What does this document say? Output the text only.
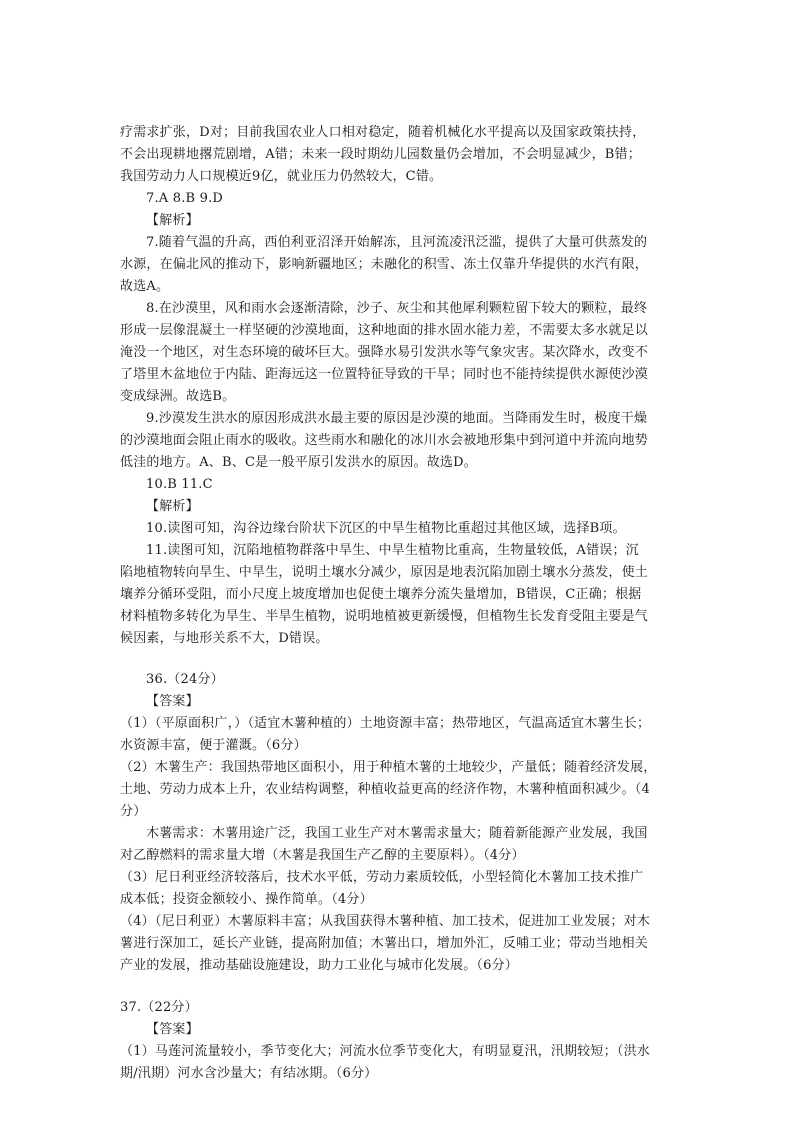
疗需求扩张，D对；目前我国农业人口相对稳定，随着机械化水平提高以及国家政策扶持，
不会出现耕地撂荒剧增，A错；未来一段时期幼儿园数量仍会增加，不会明显减少，B错；
我国劳动力人口规模近9亿，就业压力仍然较大，C错。
7.A 8.B 9.D
【解析】
7.随着气温的升高，西伯利亚沼泽开始解冻，且河流凌汛泛滥，提供了大量可供蒸发的
水源，在偏北风的推动下，影响新疆地区；未融化的积雪、冻土仅靠升华提供的水汽有限，
故选A。
8.在沙漠里，风和雨水会逐渐清除，沙子、灰尘和其他犀利颗粒留下较大的颗粒，最终
形成一层像混凝土一样坚硬的沙漠地面，这种地面的排水固水能力差，不需要太多水就足以
淹没一个地区，对生态环境的破坏巨大。强降水易引发洪水等气象灾害。某次降水，改变不
了塔里木盆地位于内陆、距海远这一位置特征导致的干旱；同时也不能持续提供水源使沙漠
变成绿洲。故选B。
9.沙漠发生洪水的原因形成洪水最主要的原因是沙漠的地面。当降雨发生时，极度干燥
的沙漠地面会阻止雨水的吸收。这些雨水和融化的冰川水会被地形集中到河道中并流向地势
低洼的地方。A、B、C是一般平原引发洪水的原因。故选D。
10.B 11.C
【解析】
10.读图可知，沟谷边缘台阶状下沉区的中旱生植物比重超过其他区域，选择B项。
11.读图可知，沉陷地植物群落中旱生、中旱生植物比重高，生物量较低，A错误；沉
陷地植物转向旱生、中旱生，说明土壤水分减少，原因是地表沉陷加剧土壤水分蒸发，使土
壤养分循环受阻，而小尺度上坡度增加也促使土壤养分流失量增加，B错误，C正确；根据
材料植物多转化为旱生、半旱生植物，说明地植被更新缓慢，但植物生长发育受阻主要是气
候因素，与地形关系不大，D错误。
36.（24分）
【答案】
（1）（平原面积广，）（适宜木薯种植的）土地资源丰富；热带地区，气温高适宜木薯生长；
水资源丰富，便于灌溉。（6分）
（2）木薯生产：我国热带地区面积小，用于种植木薯的土地较少，产量低；随着经济发展，
土地、劳动力成本上升，农业结构调整，种植收益更高的经济作物，木薯种植面积减少。（4
分）
木薯需求：木薯用途广泛，我国工业生产对木薯需求量大；随着新能源产业发展，我国
对乙醇燃料的需求量大增（木薯是我国生产乙醇的主要原料）。（4分）
（3）尼日利亚经济较落后，技术水平低，劳动力素质较低，小型轻简化木薯加工技术推广
成本低；投资金额较小、操作简单。（4分）
（4）（尼日利亚）木薯原料丰富；从我国获得木薯种植、加工技术，促进加工业发展；对木
薯进行深加工，延长产业链，提高附加值；木薯出口，增加外汇，反哺工业；带动当地相关
产业的发展，推动基础设施建设，助力工业化与城市化发展。（6分）
37.（22分）
【答案】
（1）马莲河流量较小，季节变化大；河流水位季节变化大，有明显夏汛，汛期较短；（洪水
期/汛期）河水含沙量大；有结冰期。（6分）
